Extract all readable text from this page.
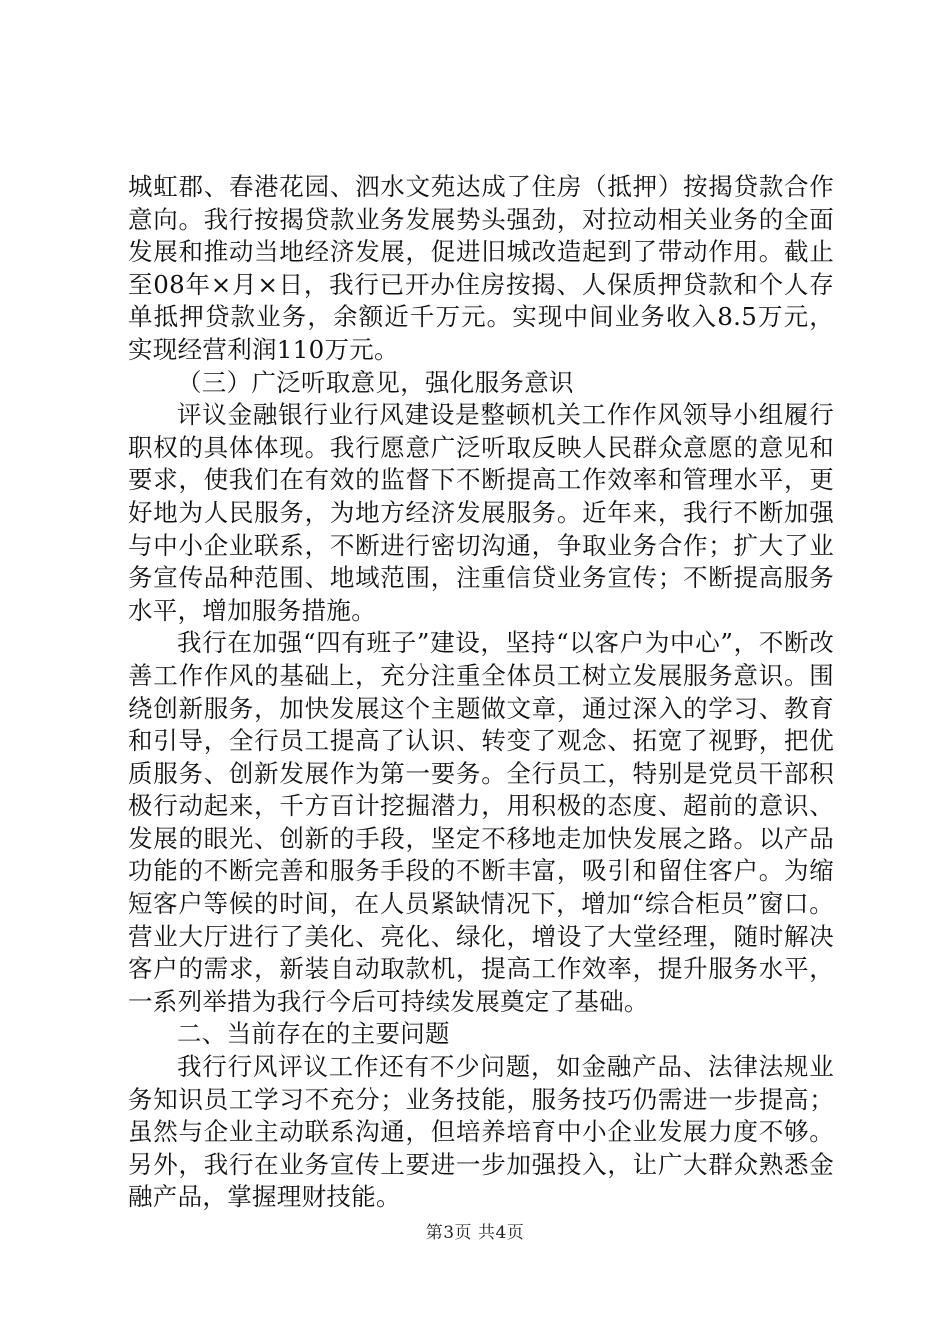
城虹郡、春港花园、泗水文苑达成了住房（抵押）按揭贷款合作意向。我行按揭贷款业务发展势头强劲，对拉动相关业务的全面发展和推动当地经济发展，促进旧城改造起到了带动作用。截止至08年×月×日，我行已开办住房按揭、人保质押贷款和个人存单抵押贷款业务，余额近千万元。实现中间业务收入8.5万元，实现经营利润110万元。

（三）广泛听取意见，强化服务意识

评议金融银行业行风建设是整顿机关工作作风领导小组履行职权的具体体现。我行愿意广泛听取反映人民群众意愿的意见和要求，使我们在有效的监督下不断提高工作效率和管理水平，更好地为人民服务，为地方经济发展服务。近年来，我行不断加强与中小企业联系，不断进行密切沟通，争取业务合作；扩大了业务宣传品种范围、地域范围，注重信贷业务宣传；不断提高服务水平，增加服务措施。

我行在加强“四有班子”建设，坚持“以客户为中心”，不断改善工作作风的基础上，充分注重全体员工树立发展服务意识。围绕创新服务，加快发展这个主题做文章，通过深入的学习、教育和引导，全行员工提高了认识、转变了观念、拓宽了视野，把优质服务、创新发展作为第一要务。全行员工，特别是党员干部积极行动起来，千方百计挖掘潜力，用积极的态度、超前的意识、发展的眼光、创新的手段，坚定不移地走加快发展之路。以产品功能的不断完善和服务手段的不断丰富，吸引和留住客户。为缩短客户等候的时间，在人员紧缺情况下，增加“综合柜员”窗口。营业大厅进行了美化、亮化、绿化，增设了大堂经理，随时解决客户的需求，新装自动取款机，提高工作效率，提升服务水平，一系列举措为我行今后可持续发展奠定了基础。

二、当前存在的主要问题

我行行风评议工作还有不少问题，如金融产品、法律法规业务知识员工学习不充分；业务技能，服务技巧仍需进一步提高；虽然与企业主动联系沟通，但培养培育中小企业发展力度不够。另外，我行在业务宣传上要进一步加强投入，让广大群众熟悉金融产品，掌握理财技能。

第3页 共4页
